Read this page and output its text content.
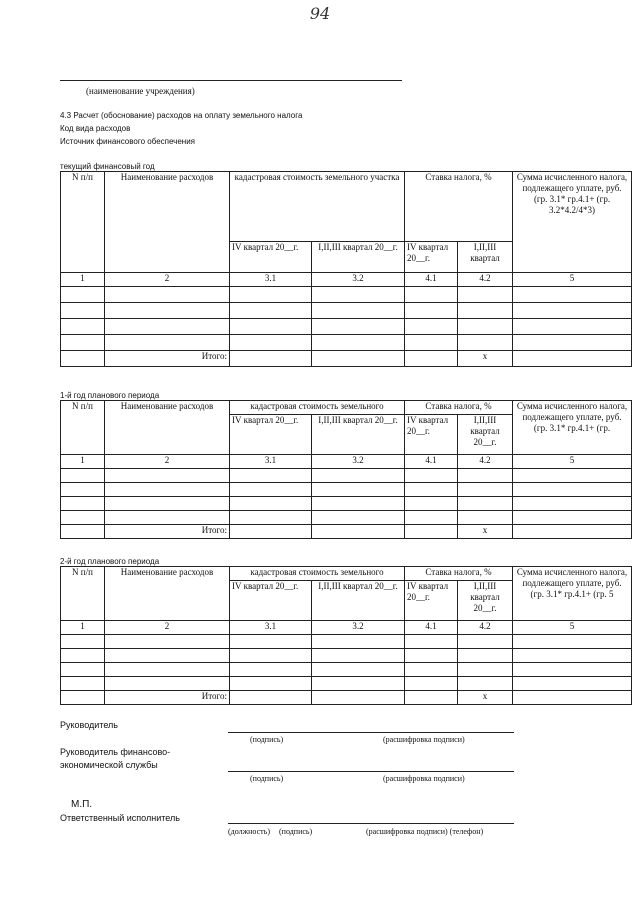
94
(наименование учреждения)
4.3 Расчет (обоснование) расходов на оплату земельного налога
Код вида расходов
Источник финансового обеспечения
текущий финансовый год
N п/п	Наименование расходов	кадастровая стоимость земельного участка		Ставка налога, %		Сумма исчисленного налога, подлежащего уплате, руб. (гр. 3.1* гр.4.1+ (гр. 3.2*4.2/4*3)
		IV квартал 20__г.	I,II,III квартал 20__г.	IV квартал 20__г.	I,II,III квартал	
1	2	3.1	3.2	4.1	4.2	5

	Итого:				x	
1-й год планового периода
N п/п	Наименование расходов	кадастровая стоимость земельного		Ставка налога, %		Сумма исчисленного налога, подлежащего уплате, руб. (гр. 3.1* гр.4.1+ (гр.
		IV квартал 20__г.	I,II,III квартал 20__г.	IV квартал 20__г.	I,II,III квартал 20__г.	
1	2	3.1	3.2	4.1	4.2	5

	Итого:				x	
2-й год планового периода
N п/п	Наименование расходов	кадастровая стоимость земельного		Ставка налога, %		Сумма исчисленного налога, подлежащего уплате, руб. (гр. 3.1* гр.4.1+ (гр. 5
		IV квартал 20__г.	I,II,III квартал 20__г.	IV квартал 20__г.	I,II,III квартал 20__г.	
1	2	3.1	3.2	4.1	4.2	5

	Итого:				x	
Руководитель
(подпись)	(расшифровка подписи)
Руководитель финансово-
экономической службы
(подпись)	(расшифровка подписи)
М.П.
Ответственный исполнитель
(должность) (подпись)	(расшифровка подписи) (телефон)
